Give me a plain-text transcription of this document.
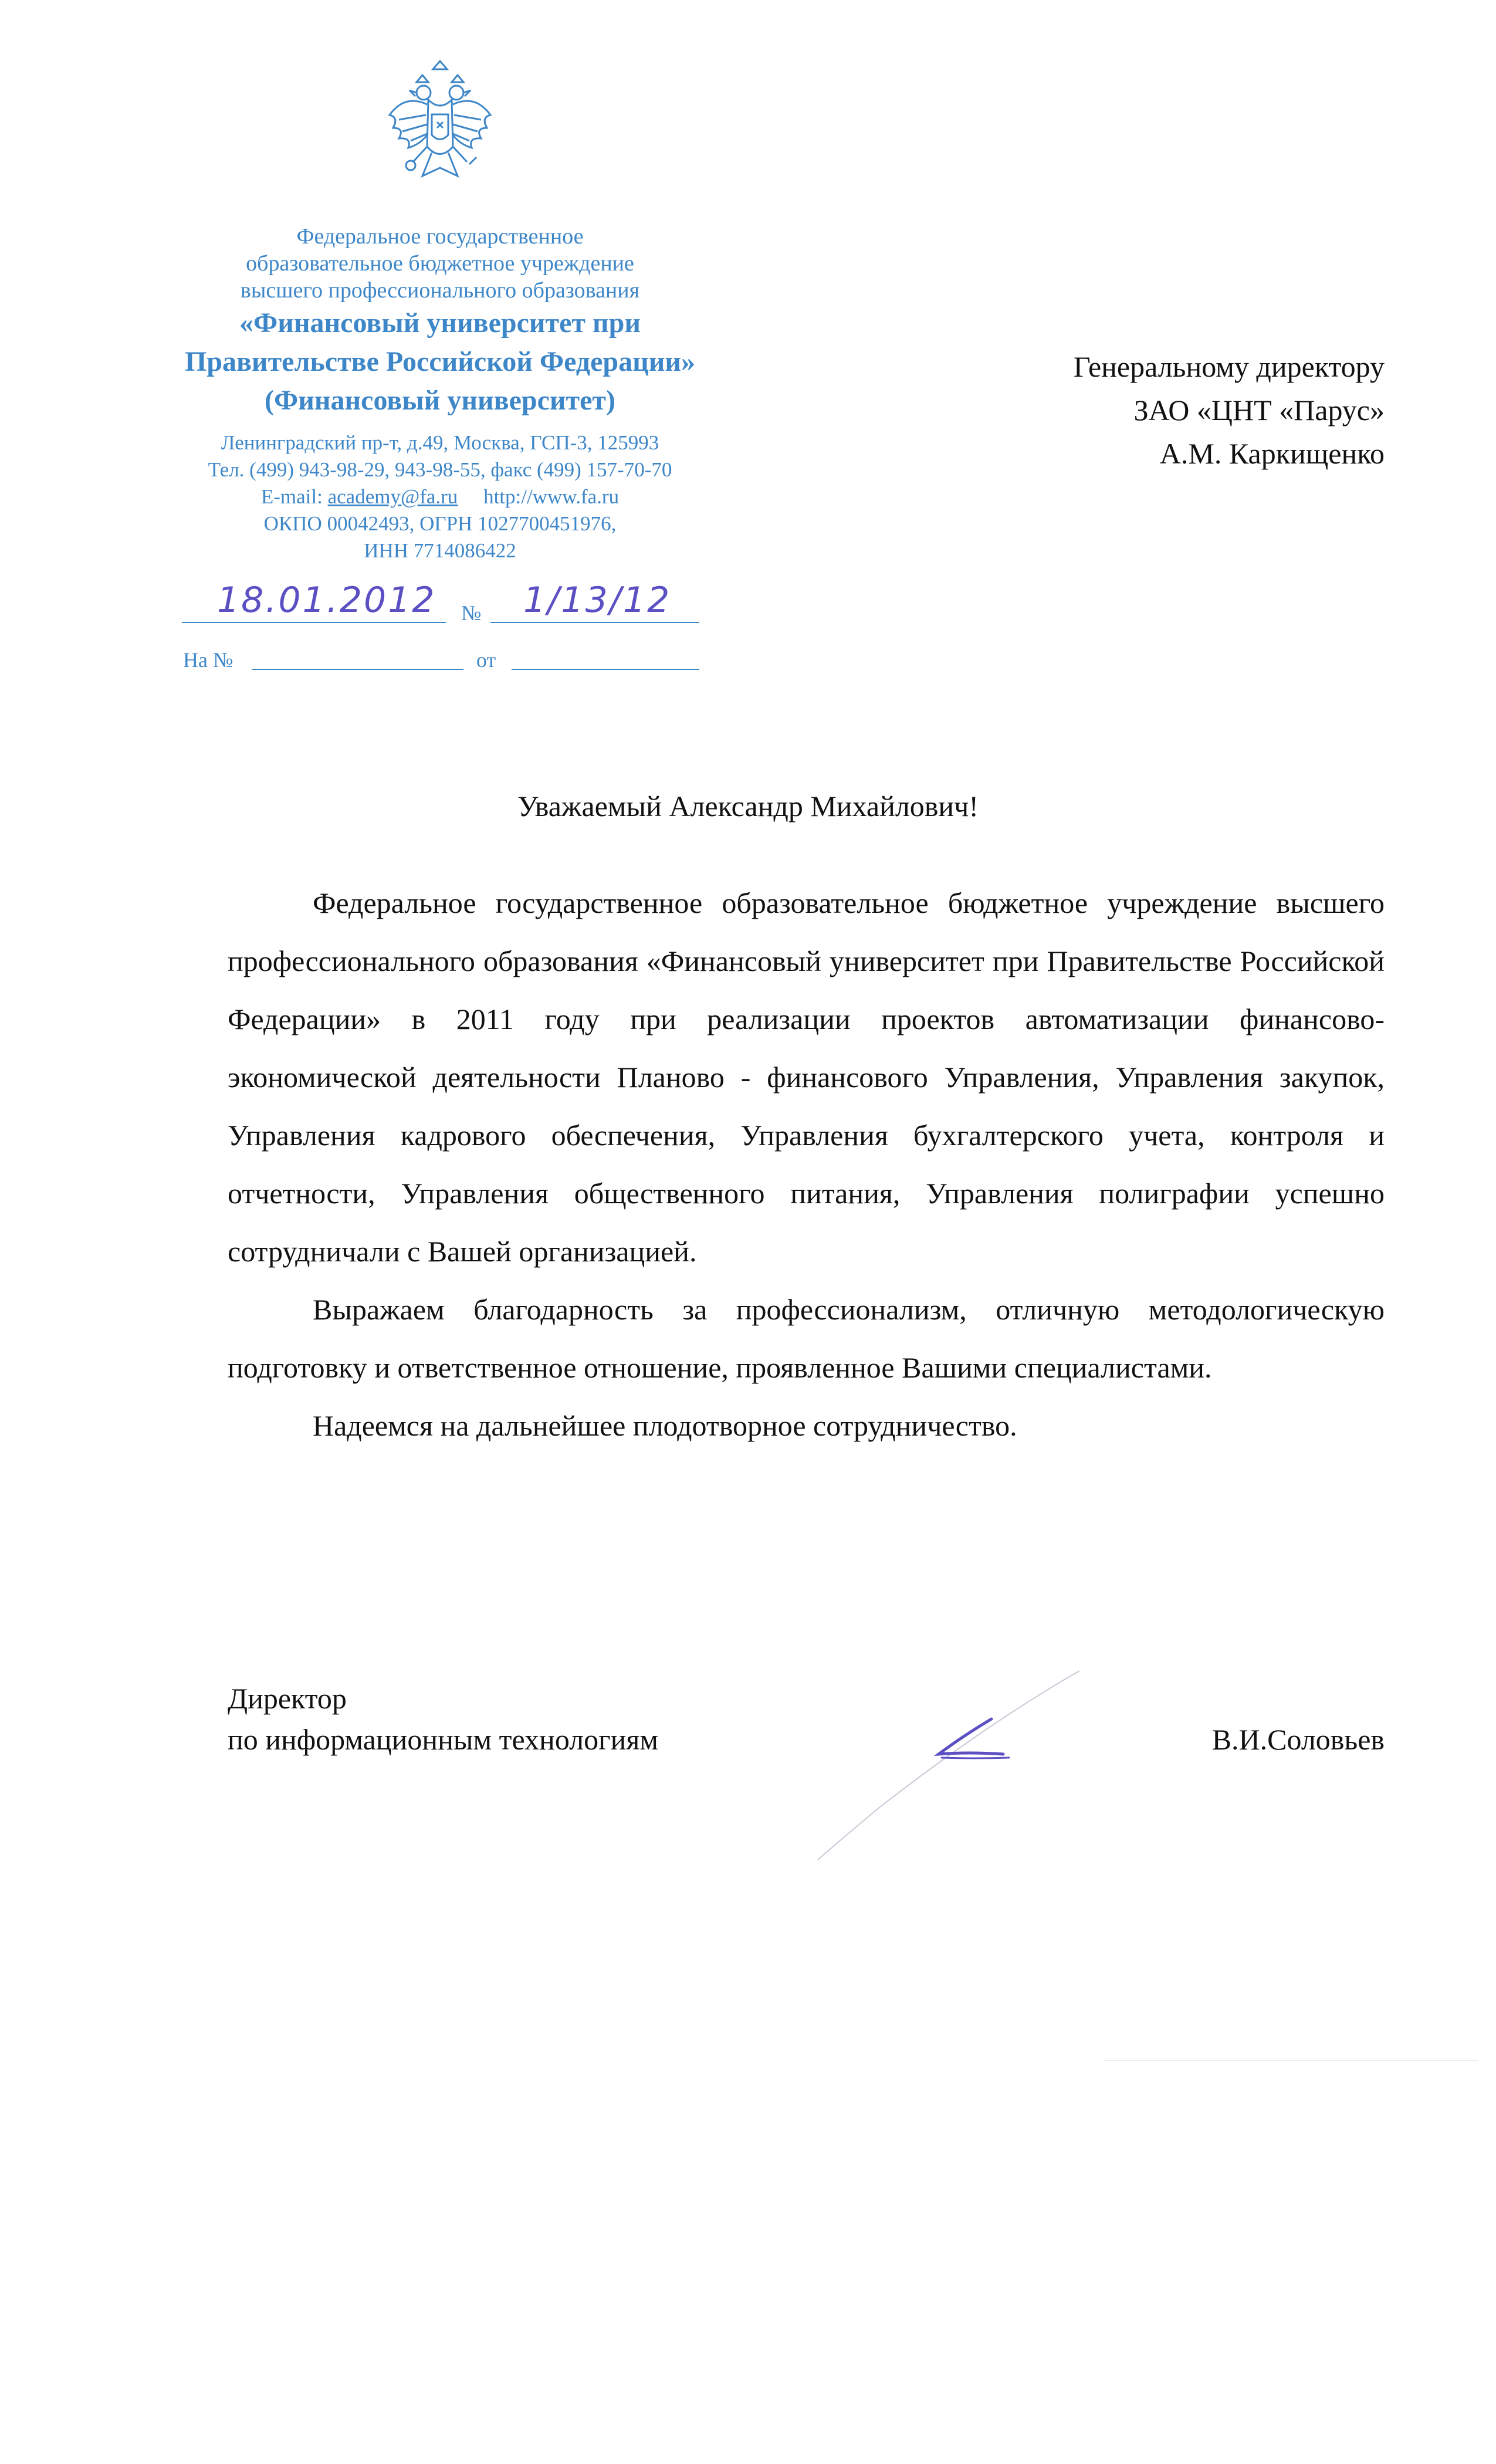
Федеральное государственное
образовательное бюджетное учреждение
высшего профессионального образования
«Финансовый университет при
Правительстве Российской Федерации»
(Финансовый университет)
Ленинградский пр-т, д.49, Москва, ГСП-3, 125993
Тел. (499) 943-98-29, 943-98-55, факс (499) 157-70-70
E-mail: academy@fa.ru http://www.fa.ru
ОКПО 00042493, ОГРН 1027700451976,
ИНН 7714086422
18.01.2012 № 1/13/12
На №	от
Генеральному директору
ЗАО «ЦНТ «Парус»
А.М. Каркищенко
Уважаемый Александр Михайлович!

Федеральное государственное образовательное бюджетное учреждение высшего профессионального образования «Финансовый университет при Правительстве Российской Федерации» в 2011 году при реализации проектов автоматизации финансово-экономической деятельности Планово - финансового Управления, Управления закупок, Управления кадрового обеспечения, Управления бухгалтерского учета, контроля и отчетности, Управления общественного питания, Управления полиграфии успешно сотрудничали с Вашей организацией.

Выражаем благодарность за профессионализм, отличную методологическую подготовку и ответственное отношение, проявленное Вашими специалистами.

Надеемся на дальнейшее плодотворное сотрудничество.

Директор
по информационным технологиям	В.И.Соловьев
